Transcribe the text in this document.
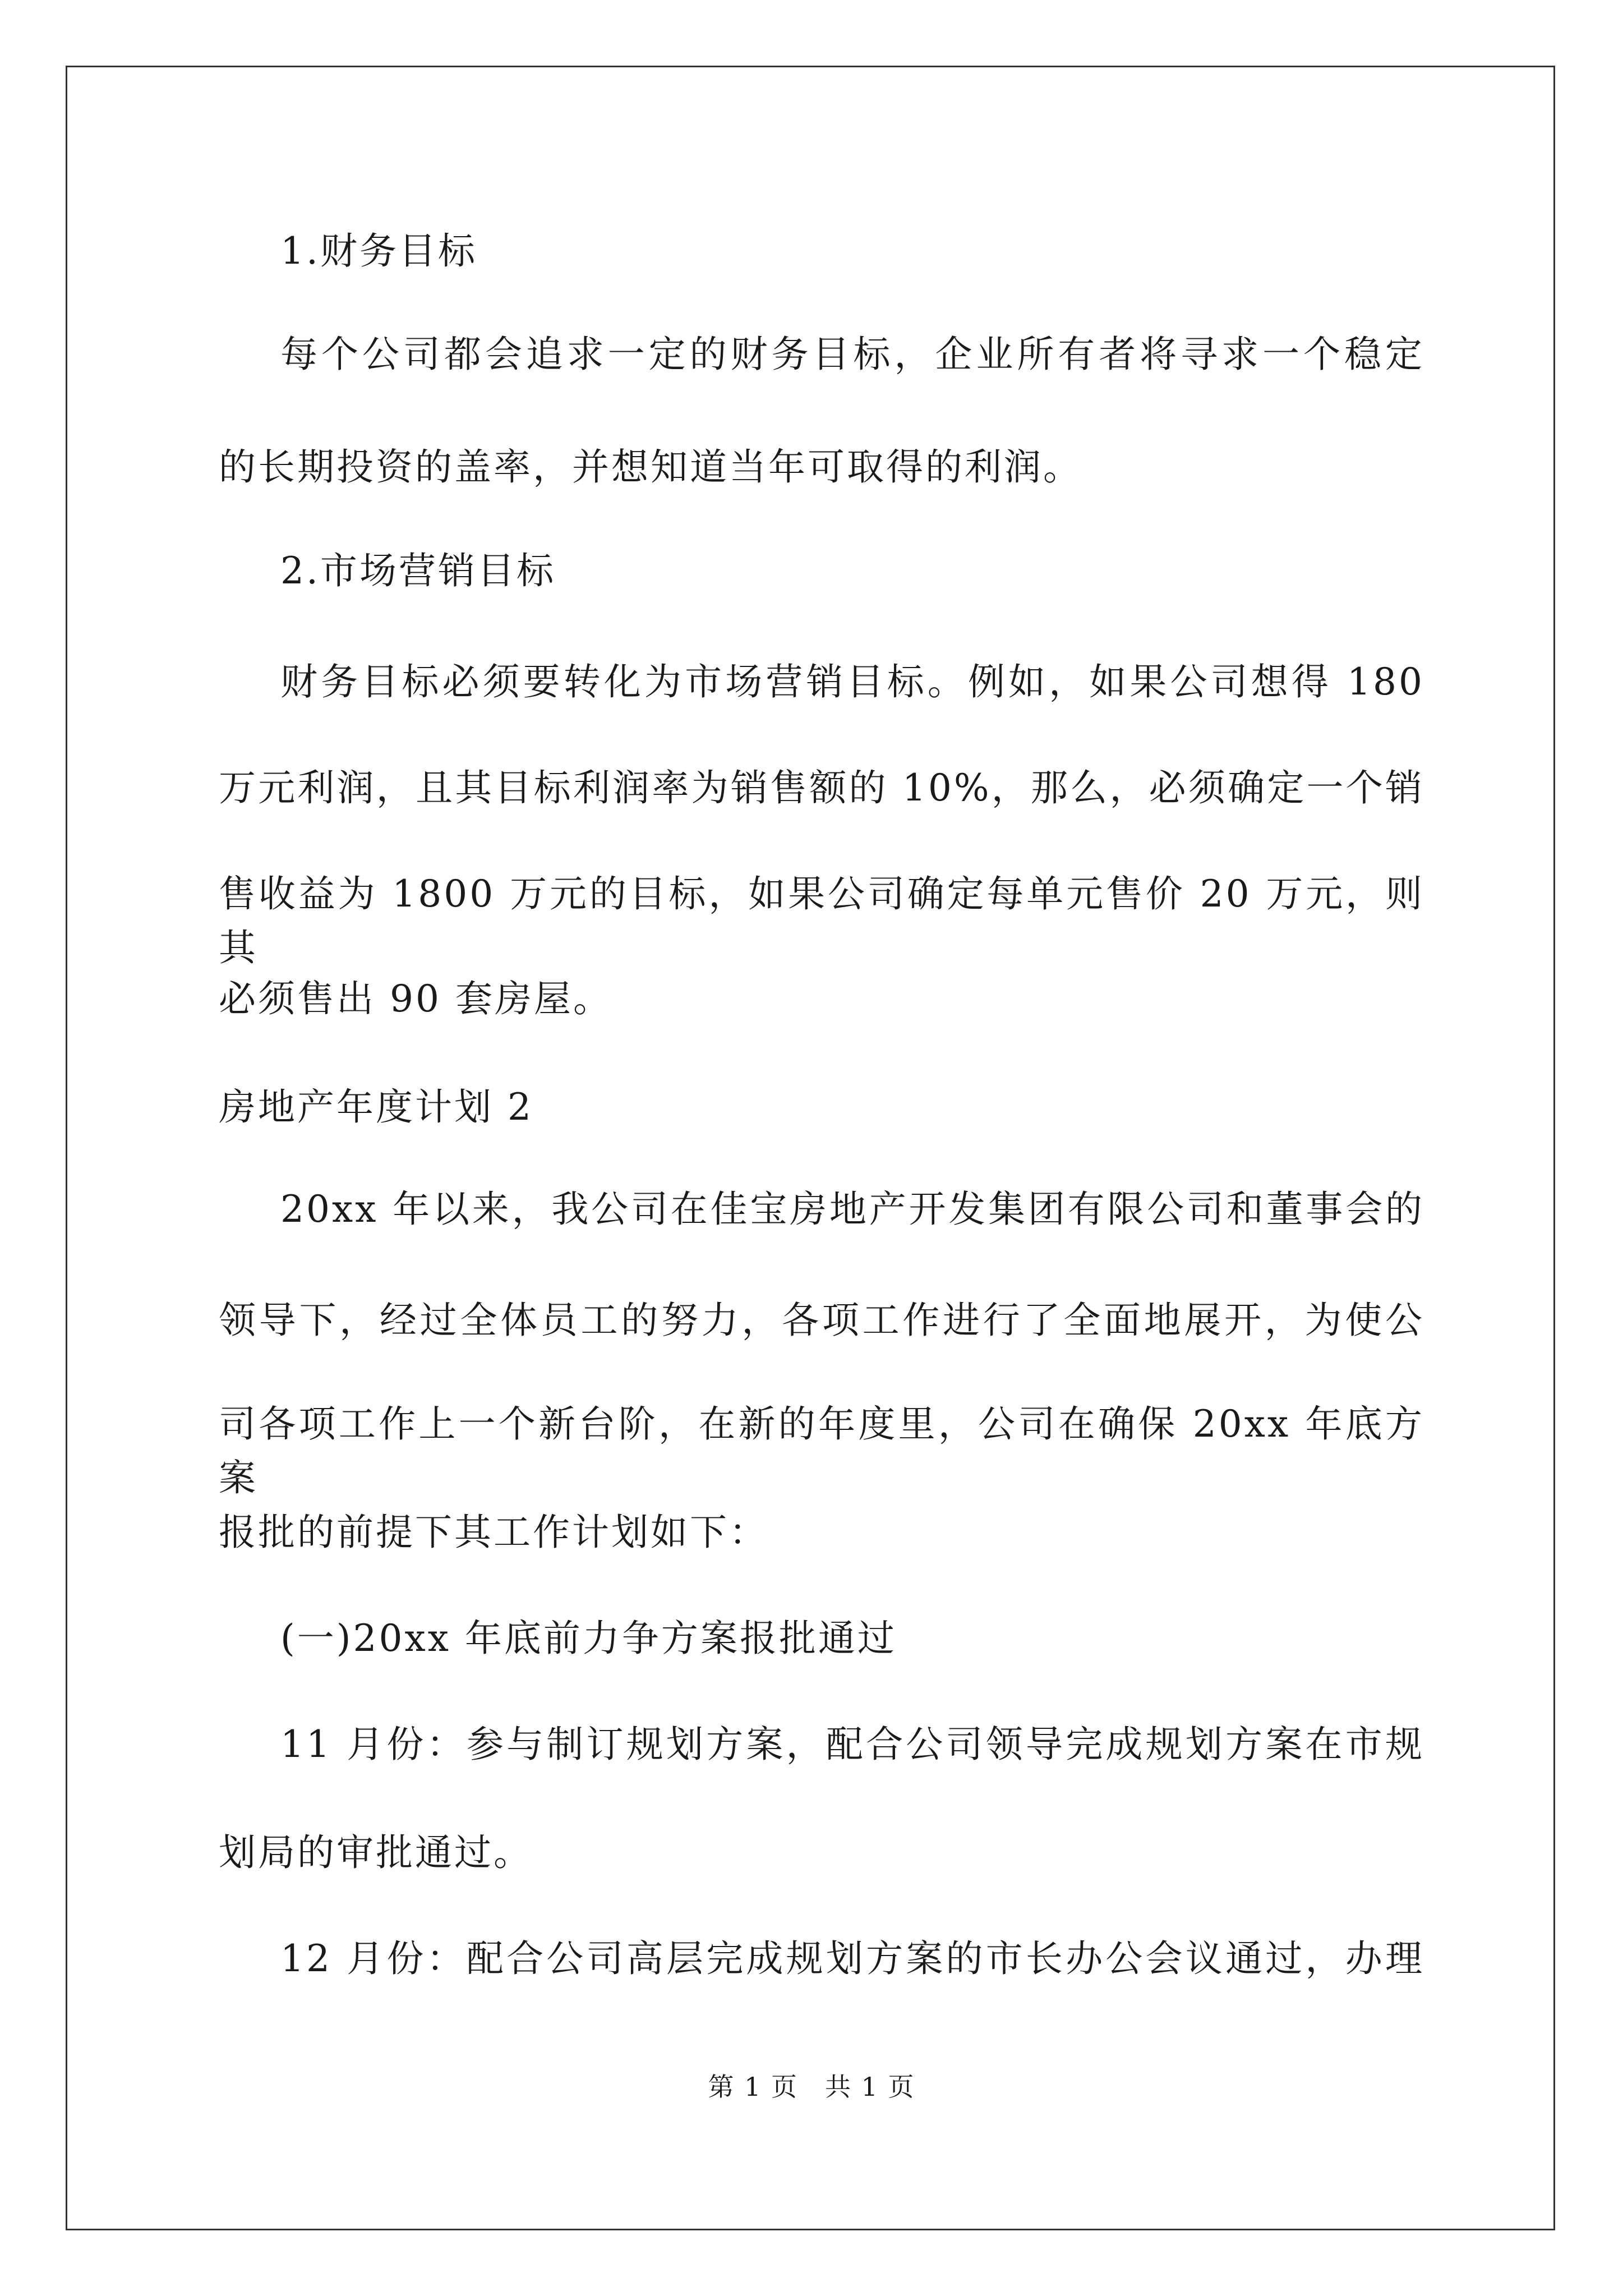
1.财务目标
每个公司都会追求一定的财务目标，企业所有者将寻求一个稳定
的长期投资的盖率，并想知道当年可取得的利润。
2.市场营销目标
财务目标必须要转化为市场营销目标。例如，如果公司想得 180
万元利润，且其目标利润率为销售额的 10%，那么，必须确定一个销
售收益为 1800 万元的目标，如果公司确定每单元售价 20 万元，则其
必须售出 90 套房屋。
房地产年度计划 2
20xx 年以来，我公司在佳宝房地产开发集团有限公司和董事会的
领导下，经过全体员工的努力，各项工作进行了全面地展开，为使公
司各项工作上一个新台阶，在新的年度里，公司在确保 20xx 年底方案
报批的前提下其工作计划如下：
(一)20xx 年底前力争方案报批通过
11 月份：参与制订规划方案，配合公司领导完成规划方案在市规
划局的审批通过。
12 月份：配合公司高层完成规划方案的市长办公会议通过，办理
第 1 页　共 1 页
